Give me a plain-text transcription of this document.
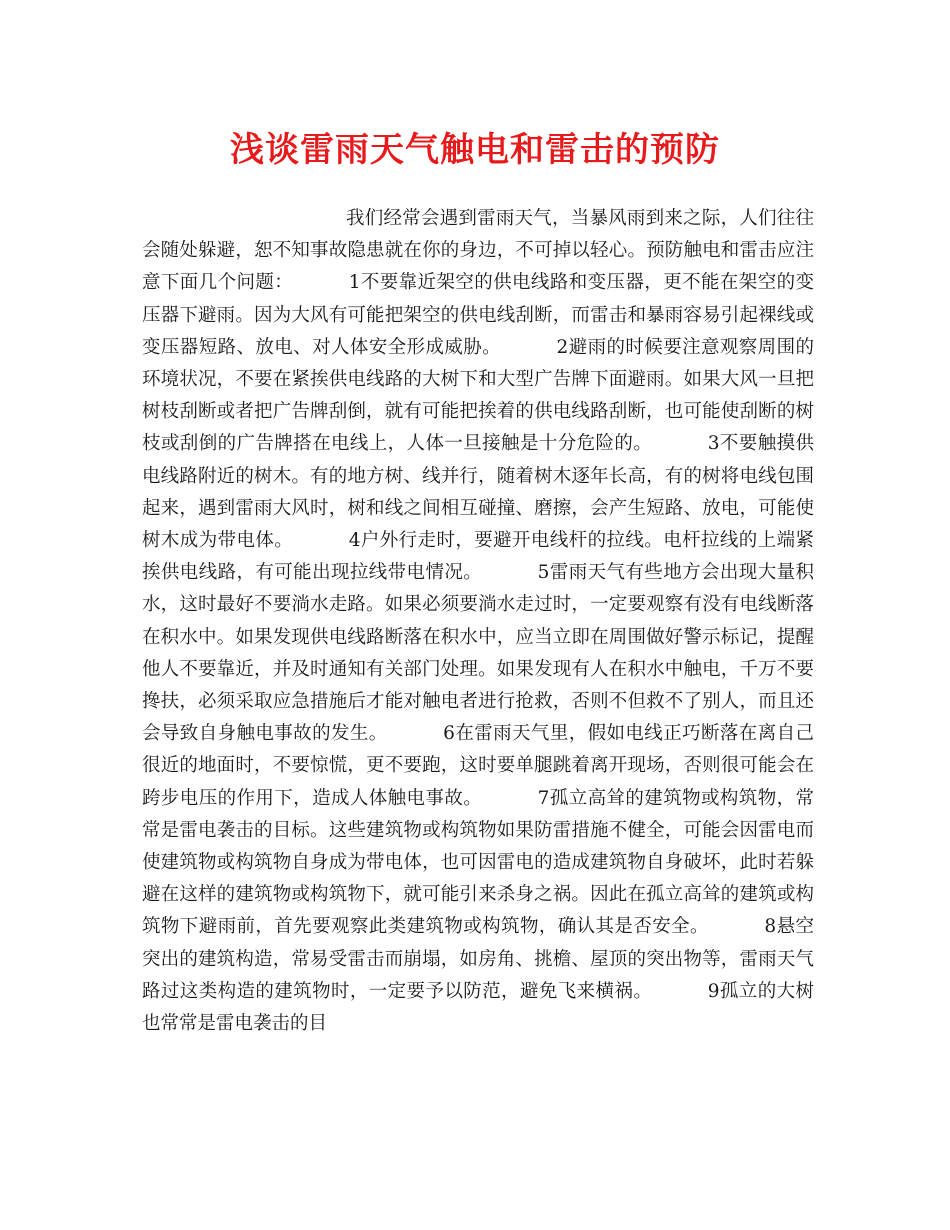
浅谈雷雨天气触电和雷击的预防
我们经常会遇到雷雨天气，当暴风雨到来之际，人们往往会随处躲避，恕不知事故隐患就在你的身边，不可掉以轻心。预防触电和雷击应注意下面几个问题：	1不要靠近架空的供电线路和变压器，更不能在架空的变压器下避雨。因为大风有可能把架空的供电线刮断，而雷击和暴雨容易引起裸线或变压器短路、放电、对人体安全形成威胁。	2避雨的时候要注意观察周围的环境状况，不要在紧挨供电线路的大树下和大型广告牌下面避雨。如果大风一旦把树枝刮断或者把广告牌刮倒，就有可能把挨着的供电线路刮断，也可能使刮断的树枝或刮倒的广告牌搭在电线上，人体一旦接触是十分危险的。	3不要触摸供电线路附近的树木。有的地方树、线并行，随着树木逐年长高，有的树将电线包围起来，遇到雷雨大风时，树和线之间相互碰撞、磨擦，会产生短路、放电，可能使树木成为带电体。	4户外行走时，要避开电线杆的拉线。电杆拉线的上端紧挨供电线路，有可能出现拉线带电情况。	5雷雨天气有些地方会出现大量积水，这时最好不要淌水走路。如果必须要淌水走过时，一定要观察有没有电线断落在积水中。如果发现供电线路断落在积水中，应当立即在周围做好警示标记，提醒他人不要靠近，并及时通知有关部门处理。如果发现有人在积水中触电，千万不要搀扶，必须采取应急措施后才能对触电者进行抢救，否则不但救不了别人，而且还会导致自身触电事故的发生。	6在雷雨天气里，假如电线正巧断落在离自己很近的地面时，不要惊慌，更不要跑，这时要单腿跳着离开现场，否则很可能会在跨步电压的作用下，造成人体触电事故。	7孤立高耸的建筑物或构筑物，常常是雷电袭击的目标。这些建筑物或构筑物如果防雷措施不健全，可能会因雷电而使建筑物或构筑物自身成为带电体，也可因雷电的造成建筑物自身破坏，此时若躲避在这样的建筑物或构筑物下，就可能引来杀身之祸。因此在孤立高耸的建筑或构筑物下避雨前，首先要观察此类建筑物或构筑物，确认其是否安全。	8悬空突出的建筑构造，常易受雷击而崩塌，如房角、挑檐、屋顶的突出物等，雷雨天气路过这类构造的建筑物时，一定要予以防范，避免飞来横祸。	9孤立的大树也常常是雷电袭击的目
